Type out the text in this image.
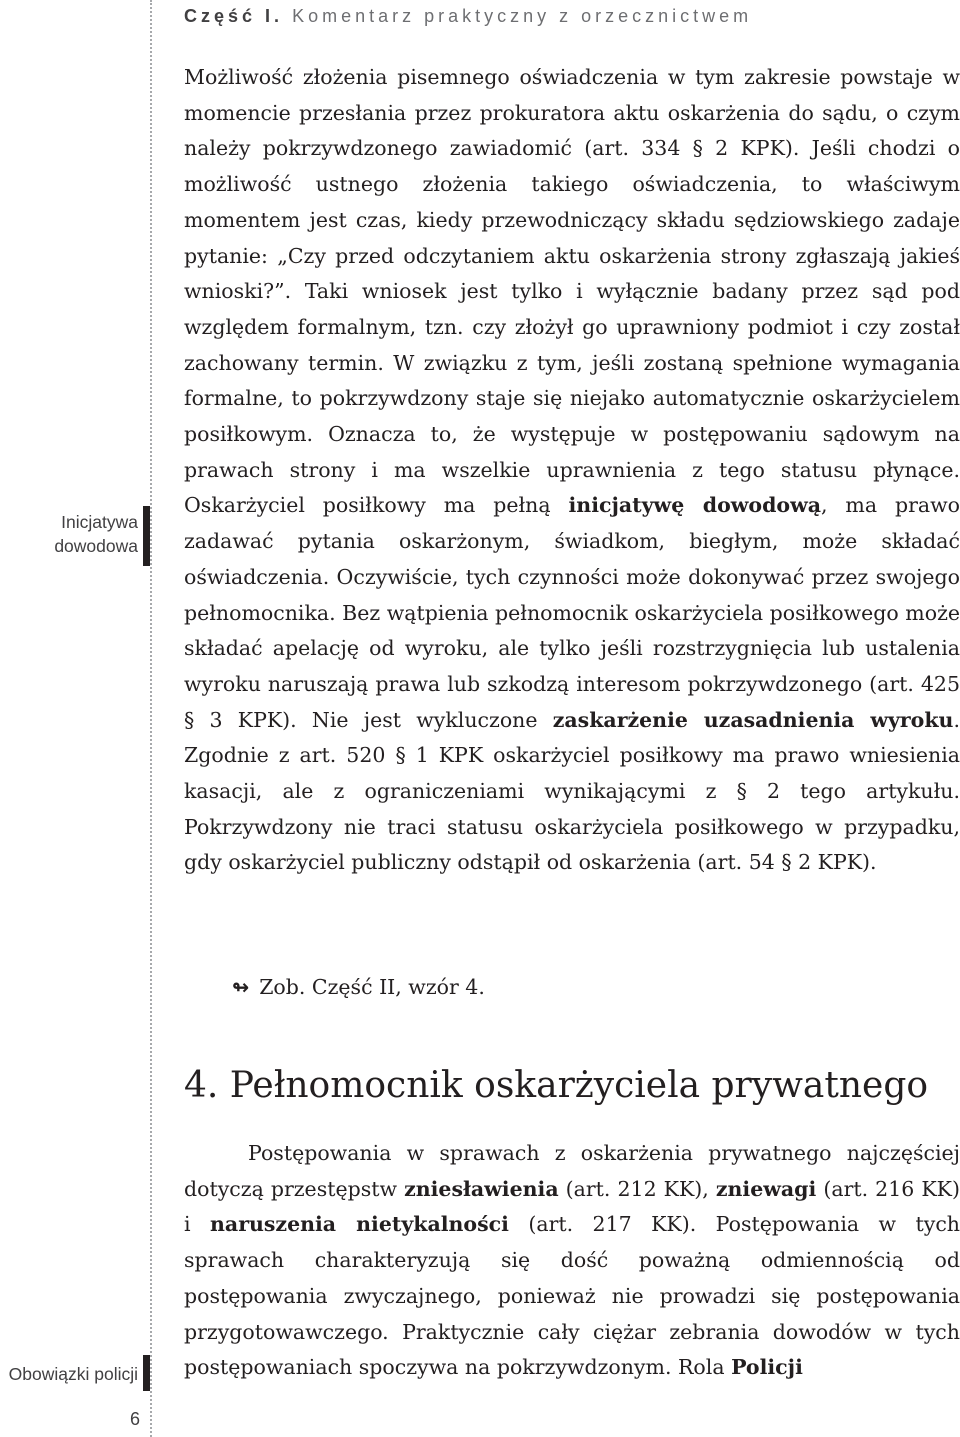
Część I. Komentarz praktyczny z orzecznictwem
Inicjatywa dowodowa
Obowiązki policji
6

Możliwość złożenia pisemnego oświadczenia w tym zakresie powstaje w momencie przesłania przez prokuratora aktu oskarżenia do sądu, o czym należy pokrzywdzonego zawiadomić (art. 334 § 2 KPK). Jeśli chodzi o możliwość ustnego złożenia takiego oświadczenia, to właściwym momentem jest czas, kiedy przewodniczący składu sędziowskiego zadaje pytanie: „Czy przed odczytaniem aktu oskarżenia strony zgłaszają jakieś wnioski?”. Taki wniosek jest tylko i wyłącznie badany przez sąd pod względem formalnym, tzn. czy złożył go uprawniony podmiot i czy został zachowany termin. W związku z tym, jeśli zostaną spełnione wymagania formalne, to pokrzywdzony staje się niejako automatycznie oskarżycielem posiłkowym. Oznacza to, że występuje w postępowaniu sądowym na prawach strony i ma wszelkie uprawnienia z tego statusu płynące. Oskarżyciel posiłkowy ma pełną inicjatywę dowodową, ma prawo zadawać pytania oskarżonym, świadkom, biegłym, może składać oświadczenia. Oczywiście, tych czynności może dokonywać przez swojego pełnomocnika. Bez wątpienia pełnomocnik oskarżyciela posiłkowego może składać apelację od wyroku, ale tylko jeśli rozstrzygnięcia lub ustalenia wyroku naruszają prawa lub szkodzą interesom pokrzywdzonego (art. 425 § 3 KPK). Nie jest wykluczone zaskarżenie uzasadnienia wyroku. Zgodnie z art. 520 § 1 KPK oskarżyciel posiłkowy ma prawo wniesienia kasacji, ale z ograniczeniami wynikającymi z § 2 tego artykułu. Pokrzywdzony nie traci statusu oskarżyciela posiłkowego w przypadku, gdy oskarżyciel publiczny odstąpił od oskarżenia (art. 54 § 2 KPK).

↬ Zob. Część II, wzór 4.
4. Pełnomocnik oskarżyciela prywatnego

Postępowania w sprawach z oskarżenia prywatnego najczęściej dotyczą przestępstw zniesławienia (art. 212 KK), zniewagi (art. 216 KK) i naruszenia nietykalności (art. 217 KK). Postępowania w tych sprawach charakteryzują się dość poważną odmiennością od postępowania zwyczajnego, ponieważ nie prowadzi się postępowania przygotowawczego. Praktycznie cały ciężar zebrania dowodów w tych postępowaniach spoczywa na pokrzywdzonym. Rola Policji
